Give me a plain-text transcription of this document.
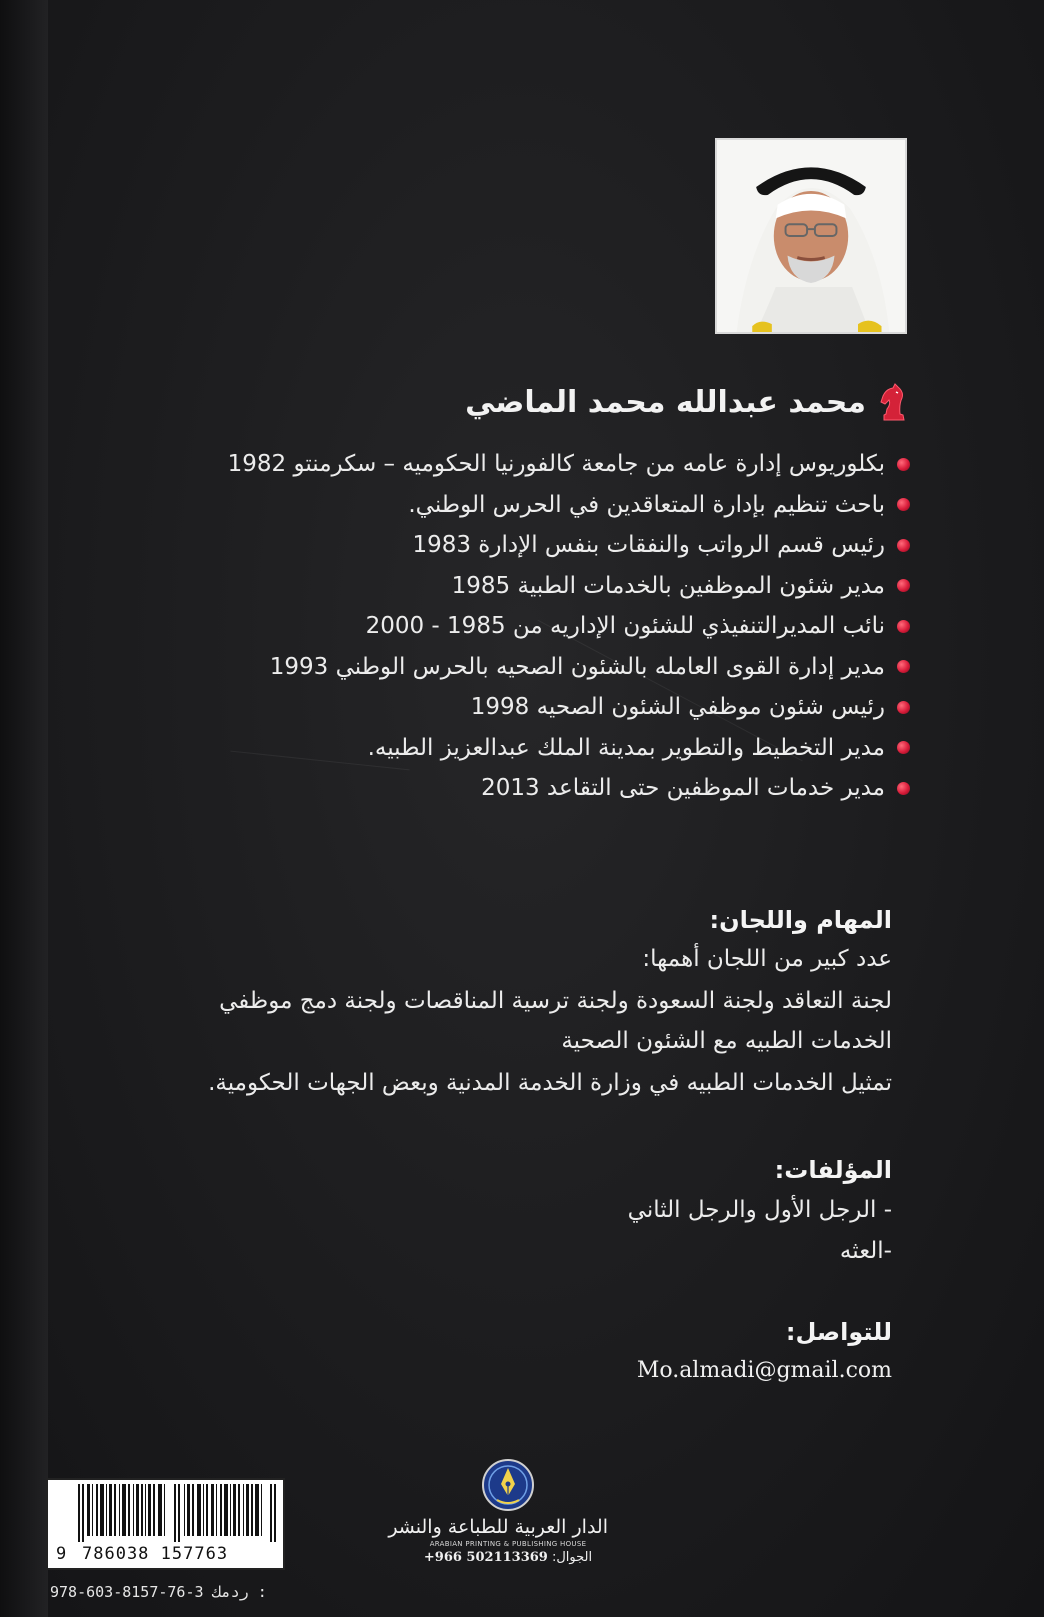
محمد عبدالله محمد الماضي
بكلوريوس إدارة عامه من جامعة كالفورنيا الحكوميه – سكرمنتو 1982
باحث تنظيم بإدارة المتعاقدين في الحرس الوطني.
رئيس قسم الرواتب والنفقات بنفس الإدارة 1983
مدير شئون الموظفين بالخدمات الطبية 1985
نائب المديرالتنفيذي للشئون الإداريه من 1985 - 2000
مدير إدارة القوى العامله بالشئون الصحيه بالحرس الوطني 1993
رئيس شئون موظفي الشئون الصحيه 1998
مدير التخطيط والتطوير بمدينة الملك عبدالعزيز الطبيه.
مدير خدمات الموظفين حتى التقاعد 2013
المهام واللجان:
عدد كبير من اللجان أهمها:
لجنة التعاقد ولجنة السعودة ولجنة ترسية المناقصات ولجنة دمج موظفي
الخدمات الطبيه مع الشئون الصحية
تمثيل الخدمات الطبيه في وزارة الخدمة المدنية وبعض الجهات الحكومية.
المؤلفات:
- الرجل الأول والرجل الثاني
-العثه
للتواصل:
Mo.almadi@gmail.com
9 786038 157763
978-603-8157-76-3 ردمك :
الدار العربية للطباعة والنشر
ARABIAN PRINTING & PUBLISHING HOUSE
الجوال: +966 502113369
